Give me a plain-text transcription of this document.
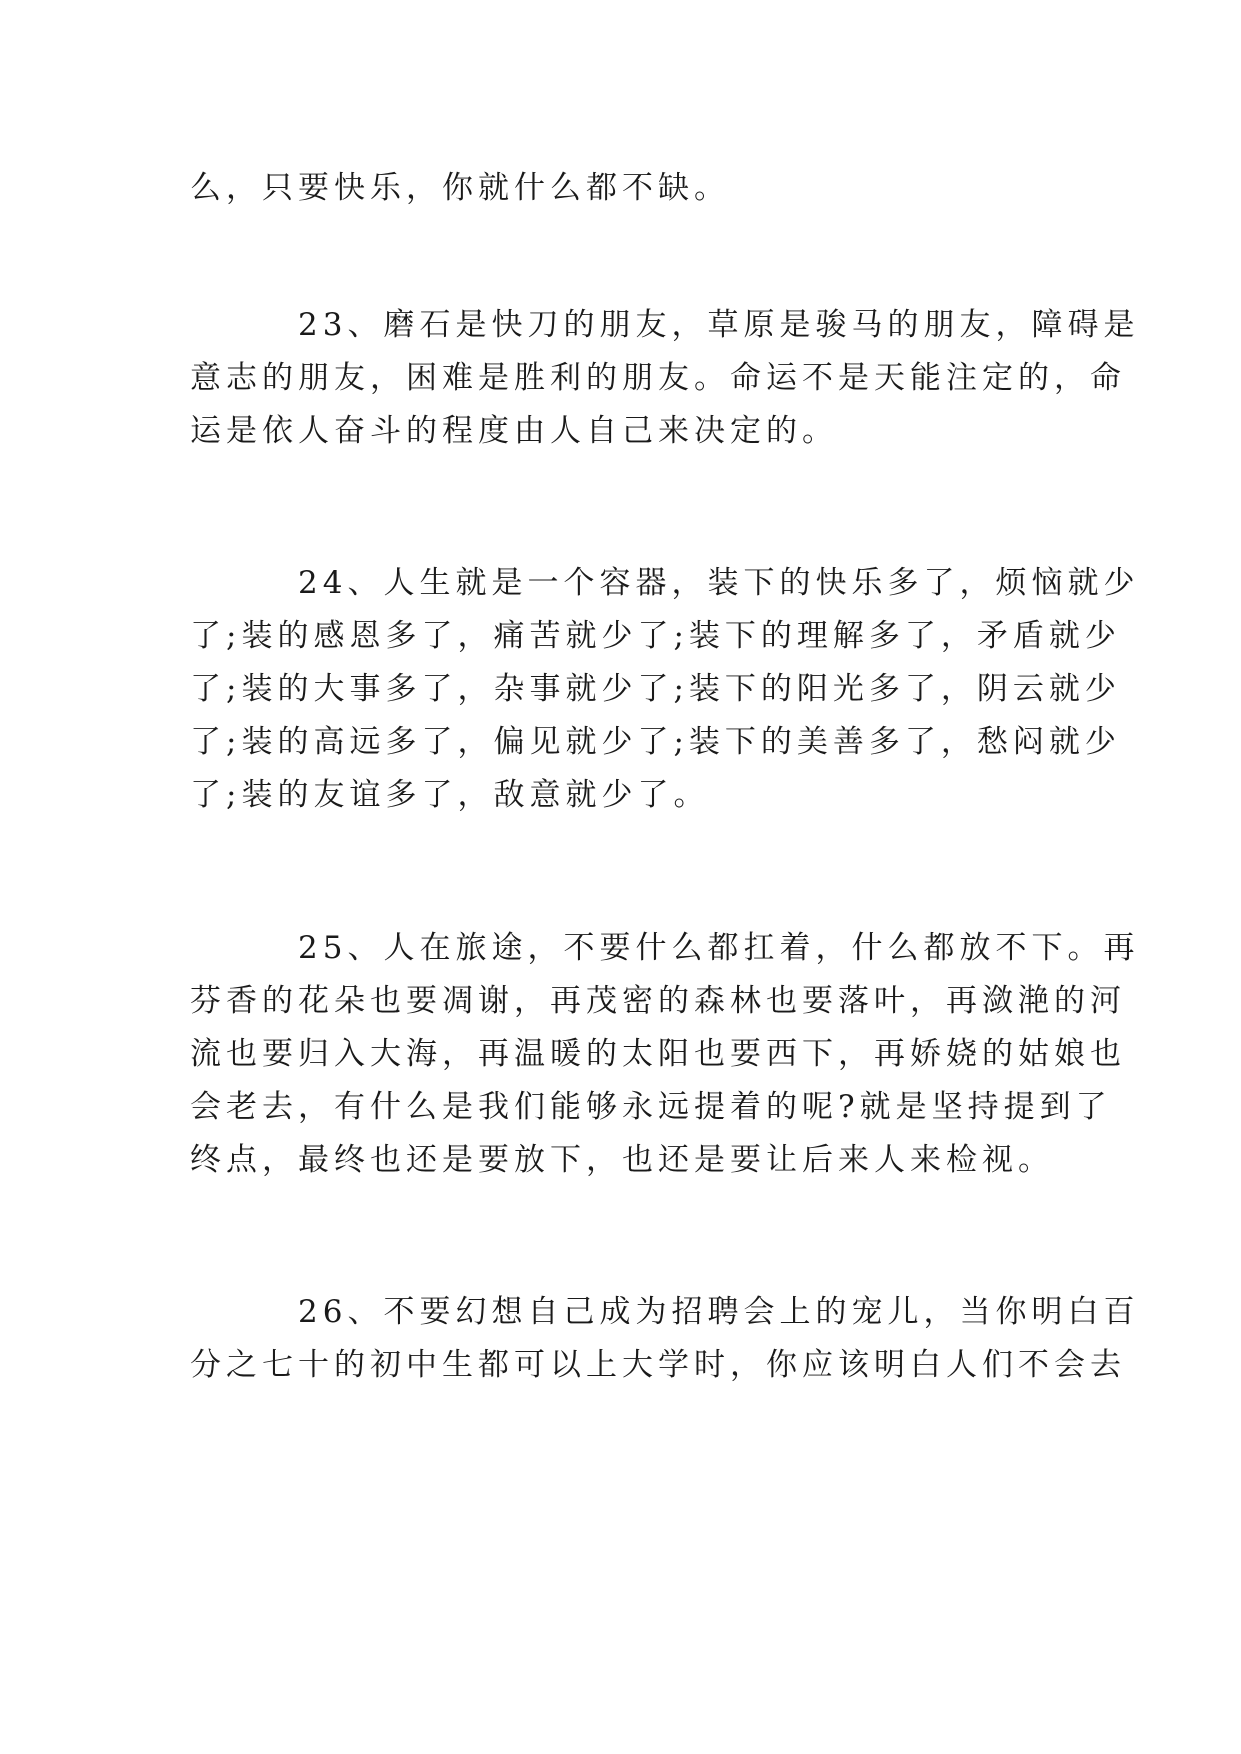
么，只要快乐，你就什么都不缺。

23、磨石是快刀的朋友，草原是骏马的朋友，障碍是

意志的朋友，困难是胜利的朋友。命运不是天能注定的，命

运是依人奋斗的程度由人自己来决定的。

24、人生就是一个容器，装下的快乐多了，烦恼就少

了;装的感恩多了，痛苦就少了;装下的理解多了，矛盾就少

了;装的大事多了，杂事就少了;装下的阳光多了，阴云就少

了;装的高远多了，偏见就少了;装下的美善多了，愁闷就少

了;装的友谊多了，敌意就少了。

25、人在旅途，不要什么都扛着，什么都放不下。再

芬香的花朵也要凋谢，再茂密的森林也要落叶，再潋滟的河

流也要归入大海，再温暖的太阳也要西下，再娇娆的姑娘也

会老去，有什么是我们能够永远提着的呢?就是坚持提到了

终点，最终也还是要放下，也还是要让后来人来检视。

26、不要幻想自己成为招聘会上的宠儿，当你明白百

分之七十的初中生都可以上大学时，你应该明白人们不会去
